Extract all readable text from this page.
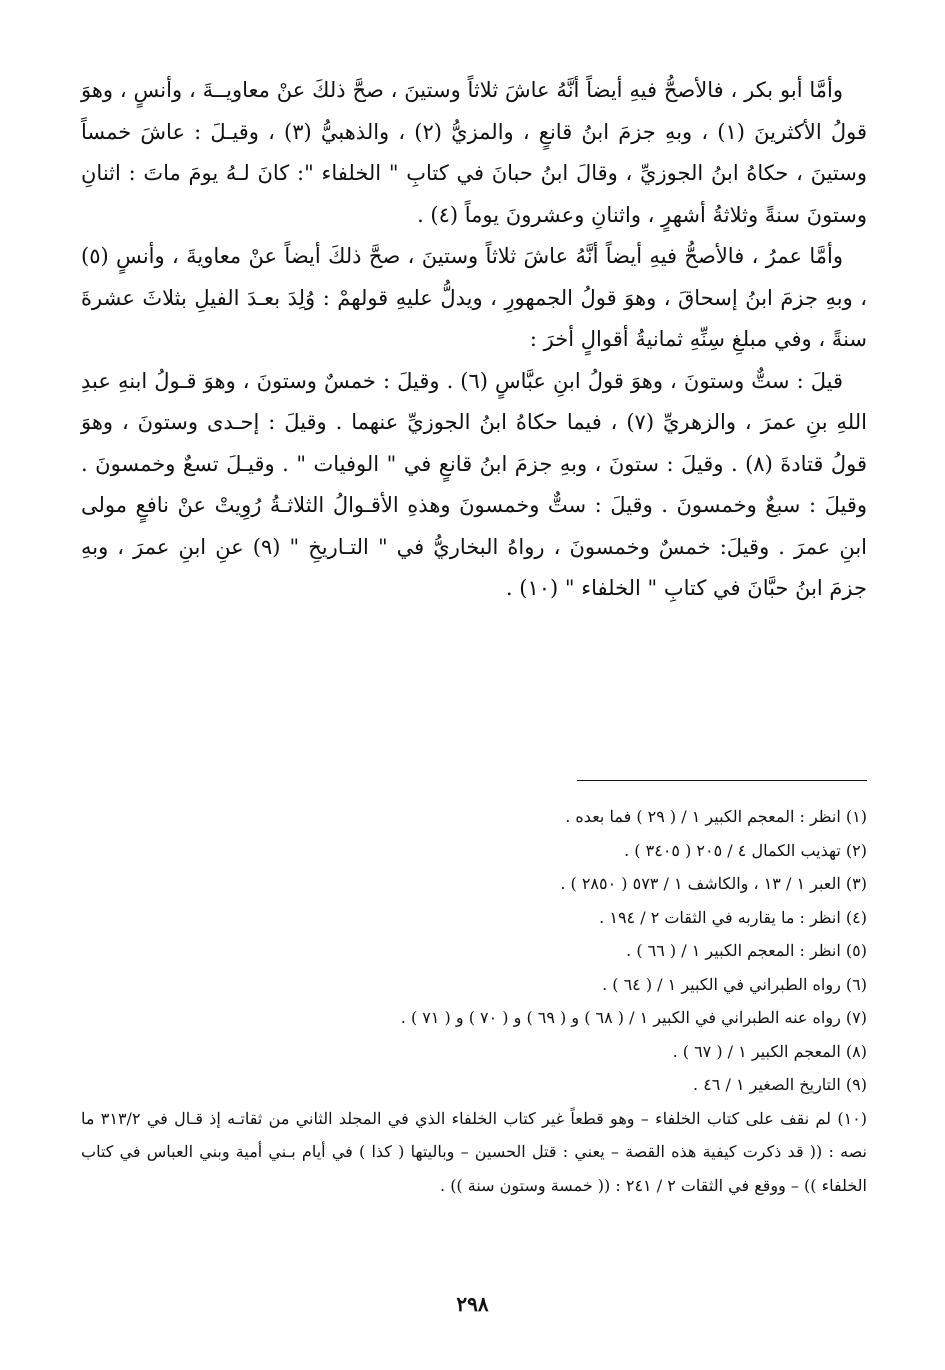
وأمَّا أبو بكر ، فالأصحُّ فيهِ أيضاً أنَّهُ عاشَ ثلاثاً وستينَ ، صحَّ ذلكَ عنْ معاويــةَ ، وأنسٍ ، وهوَ قولُ الأكثرينَ (١) ، وبهِ جزمَ ابنُ قانعٍ ، والمزيُّ (٢) ، والذهبيُّ (٣) ، وقيـلَ : عاشَ خمساً وستينَ ، حكاهُ ابنُ الجوزيِّ ، وقالَ ابنُ حبانَ في كتابِ " الخلفاء ": كانَ لـهُ يومَ ماتَ : اثنانِ وستونَ سنةً وثلاثةُ أشهرٍ ، واثنانِ وعشرونَ يوماً (٤) .

وأمَّا عمرُ ، فالأصحُّ فيهِ أيضاً أنَّهُ عاشَ ثلاثاً وستينَ ، صحَّ ذلكَ أيضاً عنْ معاويةَ ، وأنسٍ (٥) ، وبهِ جزمَ ابنُ إسحاقَ ، وهوَ قولُ الجمهورِ ، ويدلُّ عليهِ قولهمْ : وُلِدَ بعـدَ الفيلِ بثلاثَ عشرةَ سنةً ، وفي مبلغِ سِنِّهِ ثمانيةُ أقوالٍ أخرَ :

قيلَ : ستٌّ وستونَ ، وهوَ قولُ ابنِ عبَّاسٍ (٦) . وقيلَ : خمسٌ وستونَ ، وهوَ قـولُ ابنهِ عبدِ اللهِ بنِ عمرَ ، والزهريِّ (٧) ، فيما حكاهُ ابنُ الجوزيِّ عنهما . وقيلَ : إحـدى وستونَ ، وهوَ قولُ قتادةَ (٨) . وقيلَ : ستونَ ، وبهِ جزمَ ابنُ قانعٍ في " الوفيات " . وقيـلَ تسعٌ وخمسونَ . وقيلَ : سبعٌ وخمسونَ . وقيلَ : ستٌّ وخمسونَ وهذهِ الأقـوالُ الثلاثـةُ رُوِيتْ عنْ نافعٍ مولى ابنِ عمرَ . وقيلَ: خمسٌ وخمسونَ ، رواهُ البخاريُّ في " التـاريخِ " (٩) عنِ ابنِ عمرَ ، وبهِ جزمَ ابنُ حبَّانَ في كتابِ " الخلفاء " (١٠) .

(١) انظر : المعجم الكبير ١ / ( ٢٩ ) فما بعده .

(٢) تهذيب الكمال ٤ / ٢٠٥ ( ٣٤٠٥ ) .

(٣) العبر ١ / ١٣ ، والكاشف ١ / ٥٧٣ ( ٢٨٥٠ ) .

(٤) انظر : ما يقاربه في الثقات ٢ / ١٩٤ .

(٥) انظر : المعجم الكبير ١ / ( ٦٦ ) .

(٦) رواه الطبراني في الكبير ١ / ( ٦٤ ) .

(٧) رواه عنه الطبراني في الكبير ١ / ( ٦٨ ) و ( ٦٩ ) و ( ٧٠ ) و ( ٧١ ) .

(٨) المعجم الكبير ١ / ( ٦٧ ) .

(٩) التاريخ الصغير ١ / ٤٦ .

(١٠) لم نقف على كتاب الخلفاء – وهو قطعاً غير كتاب الخلفاء الذي في المجلد الثاني من ثقاتـه إذ قـال في ٣١٣/٢ ما نصه : (( قد ذكرت كيفية هذه القصة – يعني : قتل الحسين – وباليتها ( كذا ) في أيام بـني أمية وبني العباس في كتاب الخلفاء )) – ووقع في الثقات ٢ / ٢٤١ : (( خمسة وستون سنة )) .

٢٩٨
